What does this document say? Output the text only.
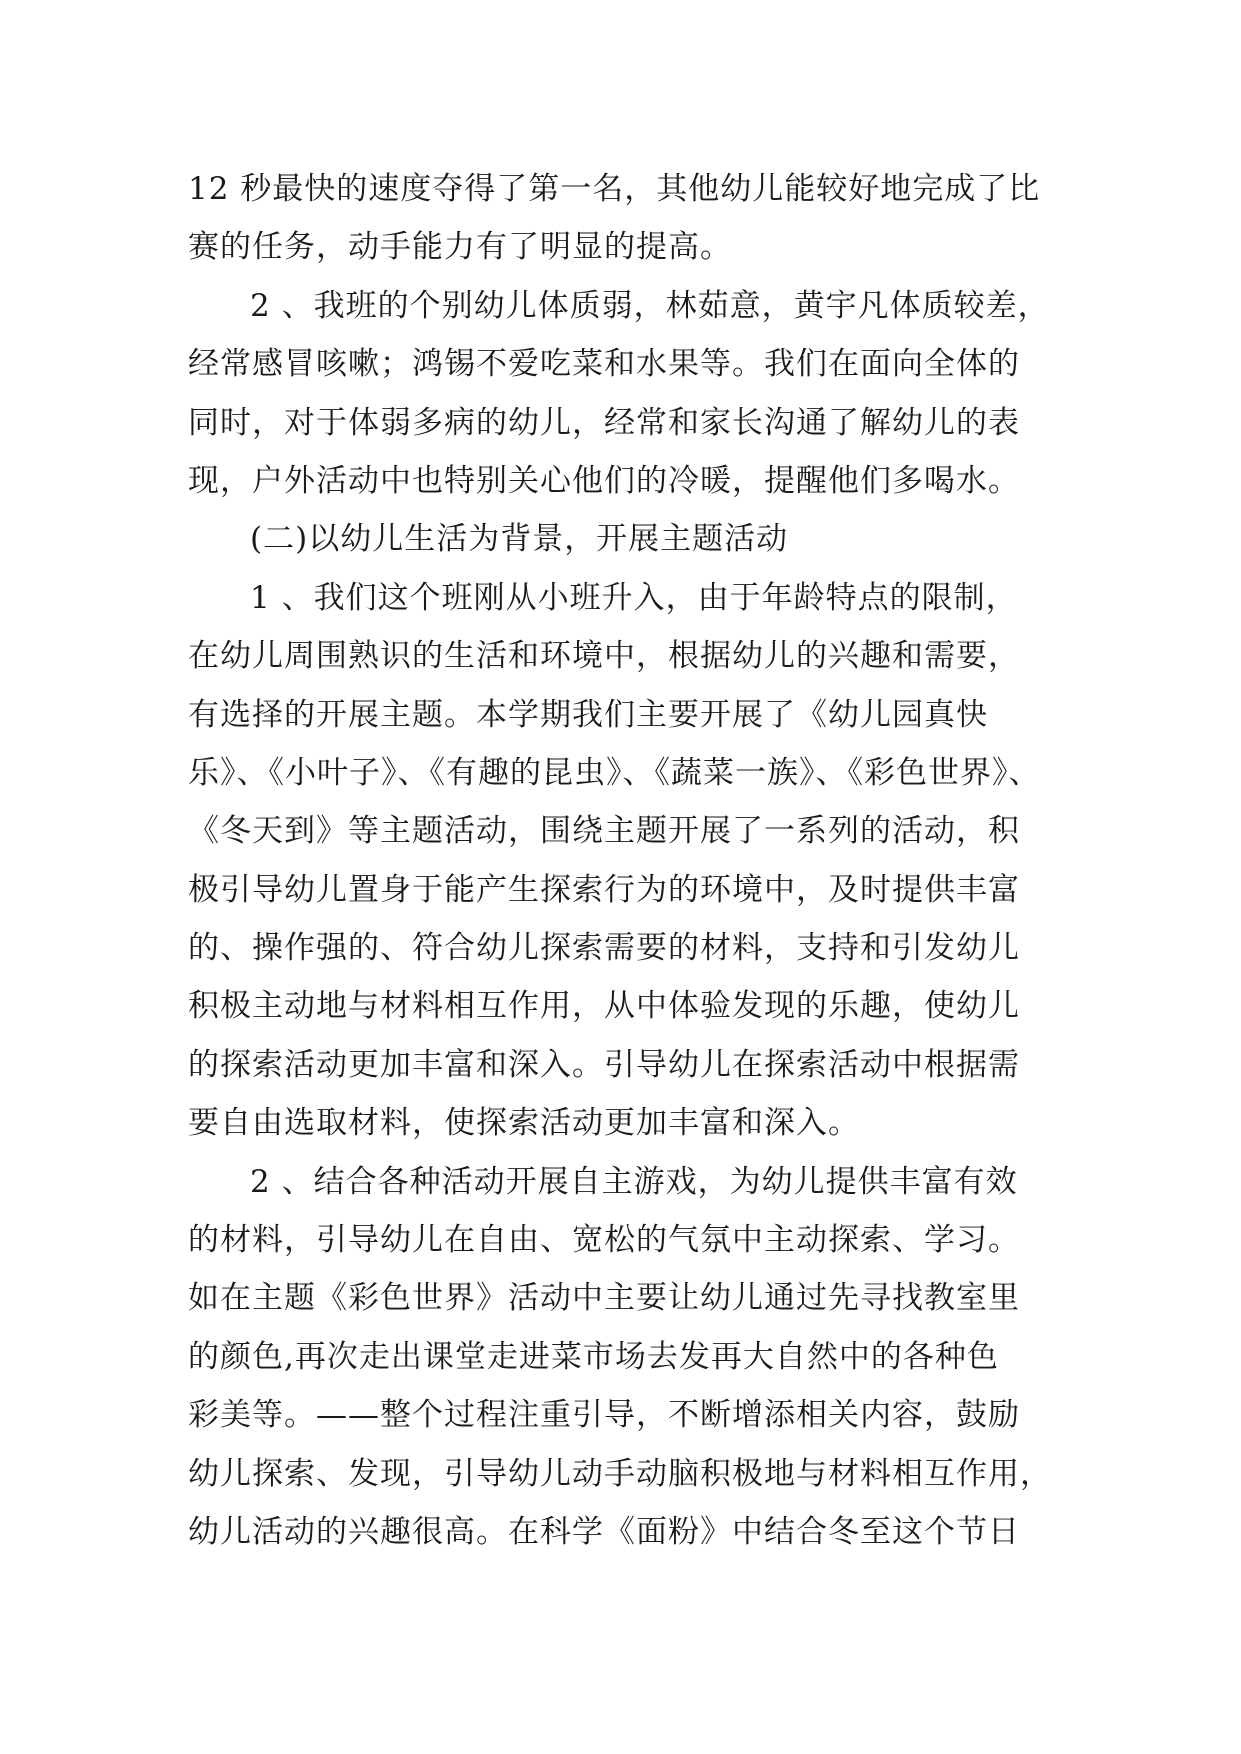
12 秒最快的速度夺得了第一名，其他幼儿能较好地完成了比
赛的任务，动手能力有了明显的提高。
2 、我班的个别幼儿体质弱，林茹意，黄宇凡体质较差，
经常感冒咳嗽；鸿锡不爱吃菜和水果等。我们在面向全体的
同时，对于体弱多病的幼儿，经常和家长沟通了解幼儿的表
现，户外活动中也特别关心他们的冷暖，提醒他们多喝水。
(二)以幼儿生活为背景，开展主题活动
1 、我们这个班刚从小班升入，由于年龄特点的限制，
在幼儿周围熟识的生活和环境中，根据幼儿的兴趣和需要，
有选择的开展主题。本学期我们主要开展了《幼儿园真快
乐》、《小叶子》、《有趣的昆虫》、《蔬菜一族》、《彩色世界》、
《冬天到》等主题活动，围绕主题开展了一系列的活动，积
极引导幼儿置身于能产生探索行为的环境中，及时提供丰富
的、操作强的、符合幼儿探索需要的材料，支持和引发幼儿
积极主动地与材料相互作用，从中体验发现的乐趣，使幼儿
的探索活动更加丰富和深入。引导幼儿在探索活动中根据需
要自由选取材料，使探索活动更加丰富和深入。
2 、结合各种活动开展自主游戏，为幼儿提供丰富有效
的材料，引导幼儿在自由、宽松的气氛中主动探索、学习。
如在主题《彩色世界》活动中主要让幼儿通过先寻找教室里
的颜色,再次走出课堂走进菜市场去发再大自然中的各种色
彩美等。——整个过程注重引导，不断增添相关内容，鼓励
幼儿探索、发现，引导幼儿动手动脑积极地与材料相互作用，
幼儿活动的兴趣很高。在科学《面粉》中结合冬至这个节日
